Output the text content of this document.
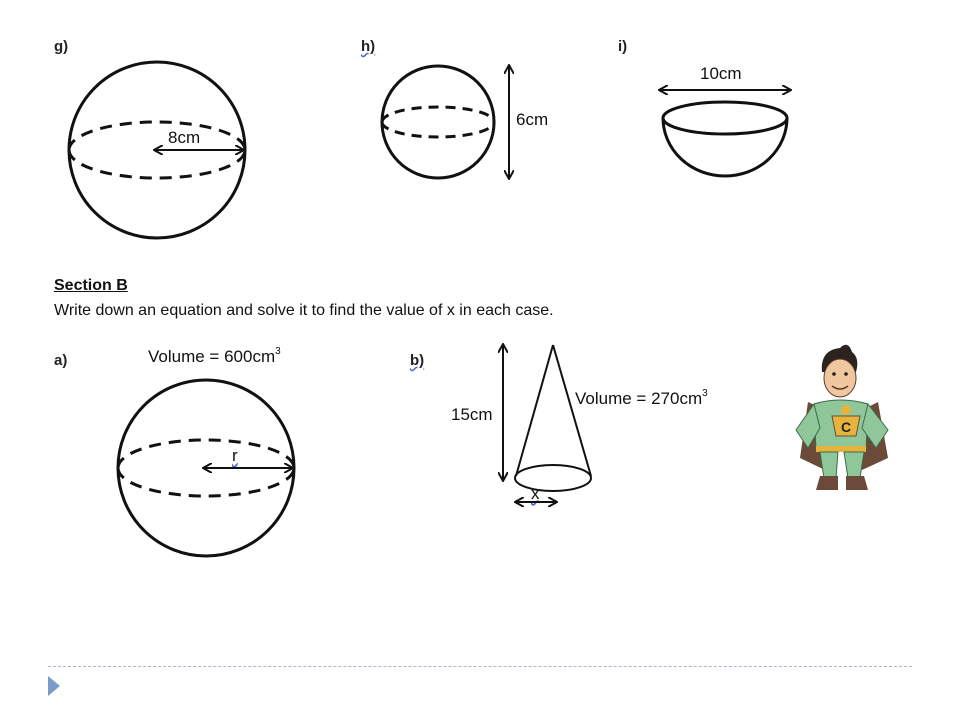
g)	h)	i)
8cm
6cm
10cm
Section B
Write down an equation and solve it to find the value of x in each case.
a)	b)
Volume = $600cm^3$
Volume = $270cm^3$
15cm
r
x
C
